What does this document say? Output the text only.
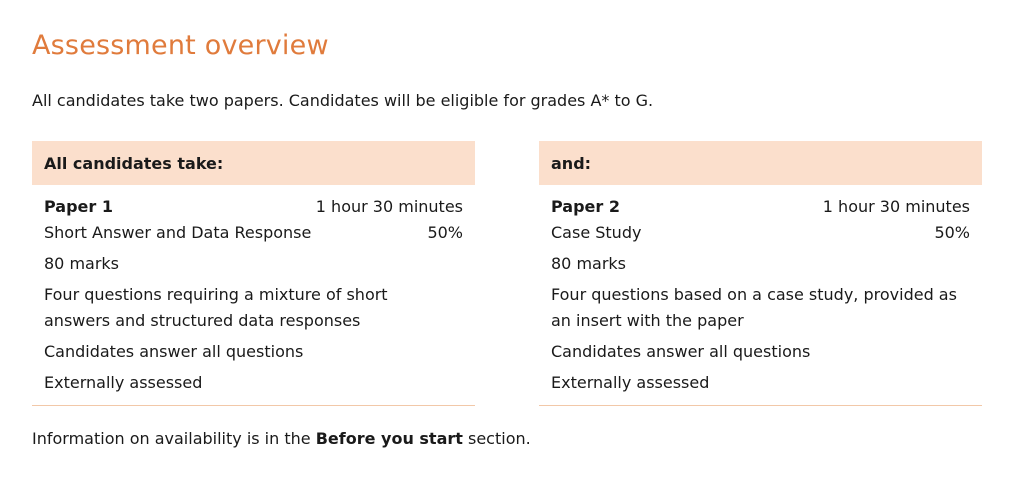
Assessment overview

All candidates take two papers. Candidates will be eligible for grades A* to G.

All candidates take:
Paper 1	1 hour 30 minutes
Short Answer and Data Response	50%
80 marks
Four questions requiring a mixture of short
answers and structured data responses
Candidates answer all questions
Externally assessed
and:
Paper 2	1 hour 30 minutes
Case Study	50%
80 marks
Four questions based on a case study, provided as
an insert with the paper
Candidates answer all questions
Externally assessed

Information on availability is in the Before you start section.
